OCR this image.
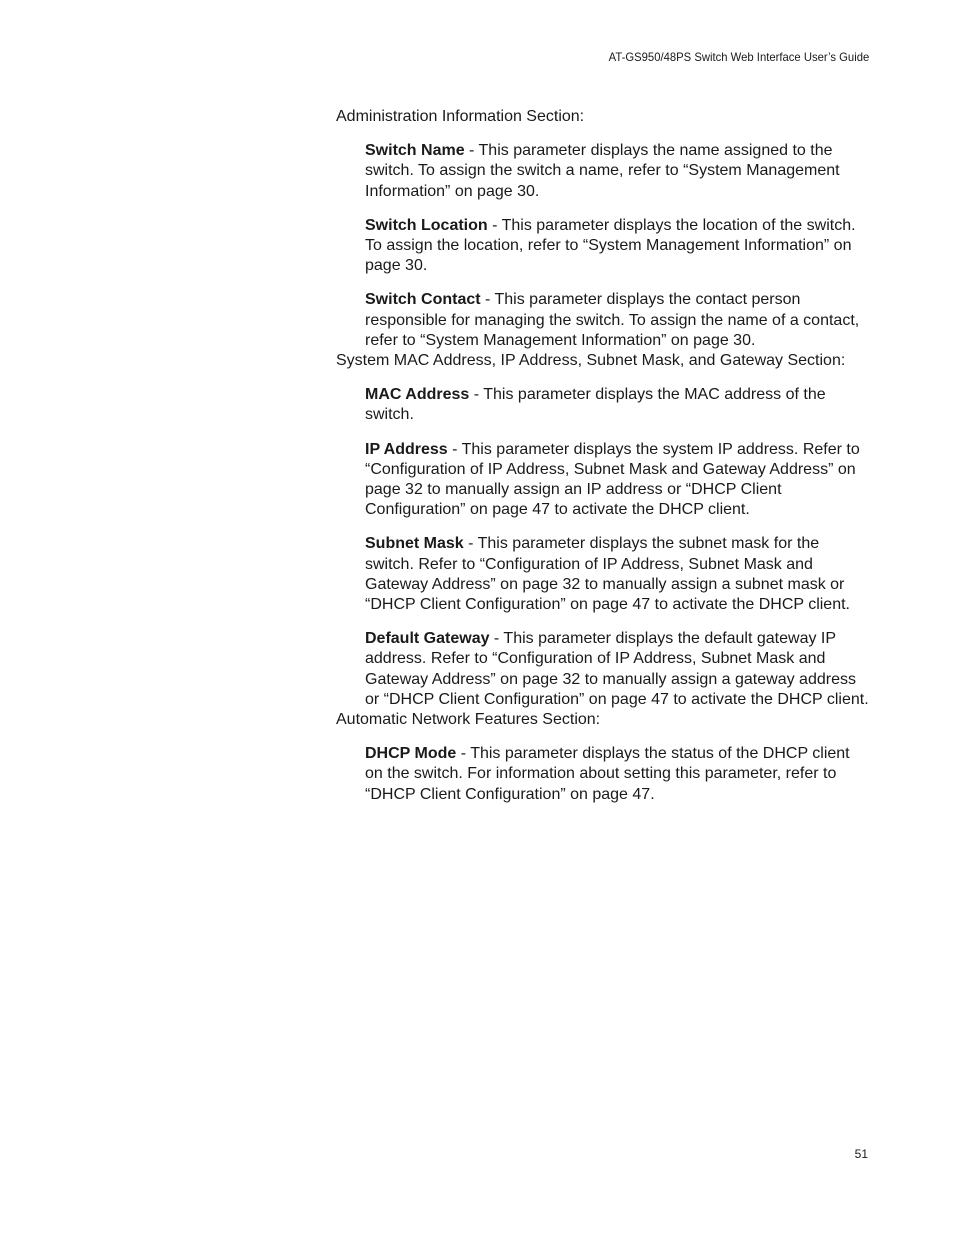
AT-GS950/48PS Switch Web Interface User’s Guide

Administration Information Section:

Switch Name - This parameter displays the name assigned to the switch. To assign the switch a name, refer to “System Management Information” on page 30.

Switch Location - This parameter displays the location of the switch. To assign the location, refer to “System Management Information” on page 30.

Switch Contact - This parameter displays the contact person responsible for managing the switch. To assign the name of a contact, refer to “System Management Information” on page 30.

System MAC Address, IP Address, Subnet Mask, and Gateway Section:

MAC Address - This parameter displays the MAC address of the switch.

IP Address - This parameter displays the system IP address. Refer to “Configuration of IP Address, Subnet Mask and Gateway Address” on page 32 to manually assign an IP address or “DHCP Client Configuration” on page 47 to activate the DHCP client.

Subnet Mask - This parameter displays the subnet mask for the switch. Refer to “Configuration of IP Address, Subnet Mask and Gateway Address” on page 32 to manually assign a subnet mask or “DHCP Client Configuration” on page 47 to activate the DHCP client.

Default Gateway - This parameter displays the default gateway IP address. Refer to “Configuration of IP Address, Subnet Mask and Gateway Address” on page 32 to manually assign a gateway address or “DHCP Client Configuration” on page 47 to activate the DHCP client.

Automatic Network Features Section:

DHCP Mode - This parameter displays the status of the DHCP client on the switch. For information about setting this parameter, refer to “DHCP Client Configuration” on page 47.

51
